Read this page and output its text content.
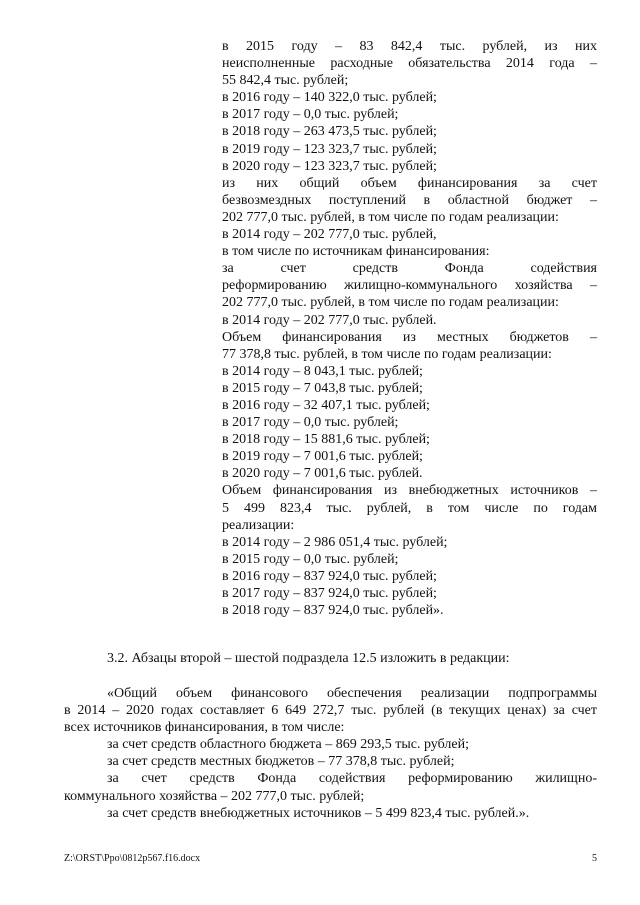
в 2015 году – 83 842,4 тыс. рублей, из них
неисполненные расходные обязательства 2014 года –
55 842,4 тыс. рублей;
в 2016 году – 140 322,0 тыс. рублей;
в 2017 году – 0,0 тыс. рублей;
в 2018 году – 263 473,5 тыс. рублей;
в 2019 году – 123 323,7 тыс. рублей;
в 2020 году – 123 323,7 тыс. рублей;
из них общий объем финансирования за счет
безвозмездных поступлений в областной бюджет –
202 777,0 тыс. рублей, в том числе по годам реализации:
в 2014 году – 202 777,0 тыс. рублей,
в том числе по источникам финансирования:
за счет средств Фонда содействия
реформированию жилищно-коммунального хозяйства –
202 777,0 тыс. рублей, в том числе по годам реализации:
в 2014 году – 202 777,0 тыс. рублей.
Объем финансирования из местных бюджетов –
77 378,8 тыс. рублей, в том числе по годам реализации:
в 2014 году – 8 043,1 тыс. рублей;
в 2015 году – 7 043,8 тыс. рублей;
в 2016 году – 32 407,1 тыс. рублей;
в 2017 году – 0,0 тыс. рублей;
в 2018 году – 15 881,6 тыс. рублей;
в 2019 году – 7 001,6 тыс. рублей;
в 2020 году – 7 001,6 тыс. рублей.
Объем финансирования из внебюджетных источников –
5 499 823,4 тыс. рублей, в том числе по годам
реализации:
в 2014 году – 2 986 051,4 тыс. рублей;
в 2015 году – 0,0 тыс. рублей;
в 2016 году – 837 924,0 тыс. рублей;
в 2017 году – 837 924,0 тыс. рублей;
в 2018 году – 837 924,0 тыс. рублей».
3.2. Абзацы второй – шестой подраздела 12.5 изложить в редакции:
«Общий объем финансового обеспечения реализации подпрограммы
в 2014 – 2020 годах составляет 6 649 272,7 тыс. рублей (в текущих ценах) за счет
всех источников финансирования, в том числе:
за счет средств областного бюджета – 869 293,5 тыс. рублей;
за счет средств местных бюджетов – 77 378,8 тыс. рублей;
за счет средств Фонда содействия реформированию жилищно-
коммунального хозяйства – 202 777,0 тыс. рублей;
за счет средств внебюджетных источников – 5 499 823,4 тыс. рублей.».
Z:\ORST\Ppo\0812p567.f16.docx	5
